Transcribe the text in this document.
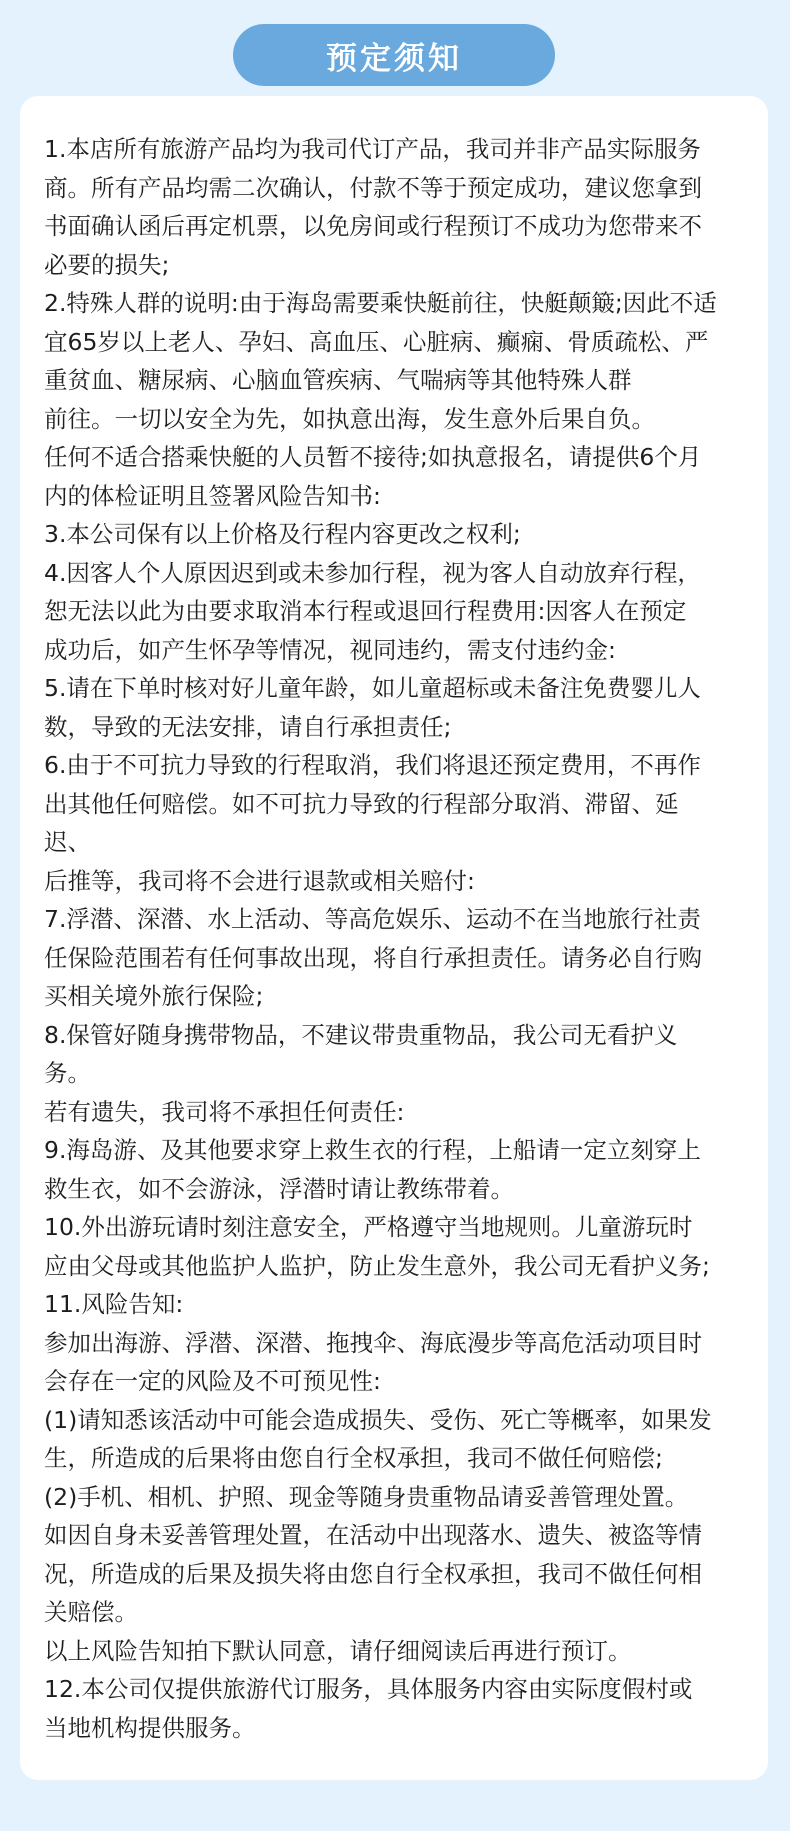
预定须知
1.本店所有旅游产品均为我司代订产品，我司并非产品实际服务
商。所有产品均需二次确认，付款不等于预定成功，建议您拿到
书面确认函后再定机票，以免房间或行程预订不成功为您带来不
必要的损失;
2.特殊人群的说明:由于海岛需要乘快艇前往，快艇颠簸;因此不适
宜65岁以上老人、孕妇、高血压、心脏病、癫痫、骨质疏松、严
重贫血、糖尿病、心脑血管疾病、气喘病等其他特殊人群
前往。一切以安全为先，如执意出海，发生意外后果自负。
任何不适合搭乘快艇的人员暂不接待;如执意报名，请提供6个月
内的体检证明且签署风险告知书:
3.本公司保有以上价格及行程内容更改之权利;
4.因客人个人原因迟到或未参加行程，视为客人自动放弃行程，
恕无法以此为由要求取消本行程或退回行程费用:因客人在预定
成功后，如产生怀孕等情况，视同违约，需支付违约金:
5.请在下单时核对好儿童年龄，如儿童超标或未备注免费婴儿人
数，导致的无法安排，请自行承担责任;
6.由于不可抗力导致的行程取消，我们将退还预定费用，不再作
出其他任何赔偿。如不可抗力导致的行程部分取消、滞留、延
迟、
后推等，我司将不会进行退款或相关赔付:
7.浮潜、深潜、水上活动、等高危娱乐、运动不在当地旅行社责
任保险范围若有任何事故出现，将自行承担责任。请务必自行购
买相关境外旅行保险;
8.保管好随身携带物品，不建议带贵重物品，我公司无看护义
务。
若有遗失，我司将不承担任何责任:
9.海岛游、及其他要求穿上救生衣的行程，上船请一定立刻穿上
救生衣，如不会游泳，浮潜时请让教练带着。
10.外出游玩请时刻注意安全，严格遵守当地规则。儿童游玩时
应由父母或其他监护人监护，防止发生意外，我公司无看护义务;
11.风险告知:
参加出海游、浮潜、深潜、拖拽伞、海底漫步等高危活动项目时
会存在一定的风险及不可预见性:
(1)请知悉该活动中可能会造成损失、受伤、死亡等概率，如果发
生，所造成的后果将由您自行全权承担，我司不做任何赔偿;
(2)手机、相机、护照、现金等随身贵重物品请妥善管理处置。
如因自身未妥善管理处置，在活动中出现落水、遗失、被盗等情
况，所造成的后果及损失将由您自行全权承担，我司不做任何相
关赔偿。
以上风险告知拍下默认同意，请仔细阅读后再进行预订。
12.本公司仅提供旅游代订服务，具体服务内容由实际度假村或
当地机构提供服务。
